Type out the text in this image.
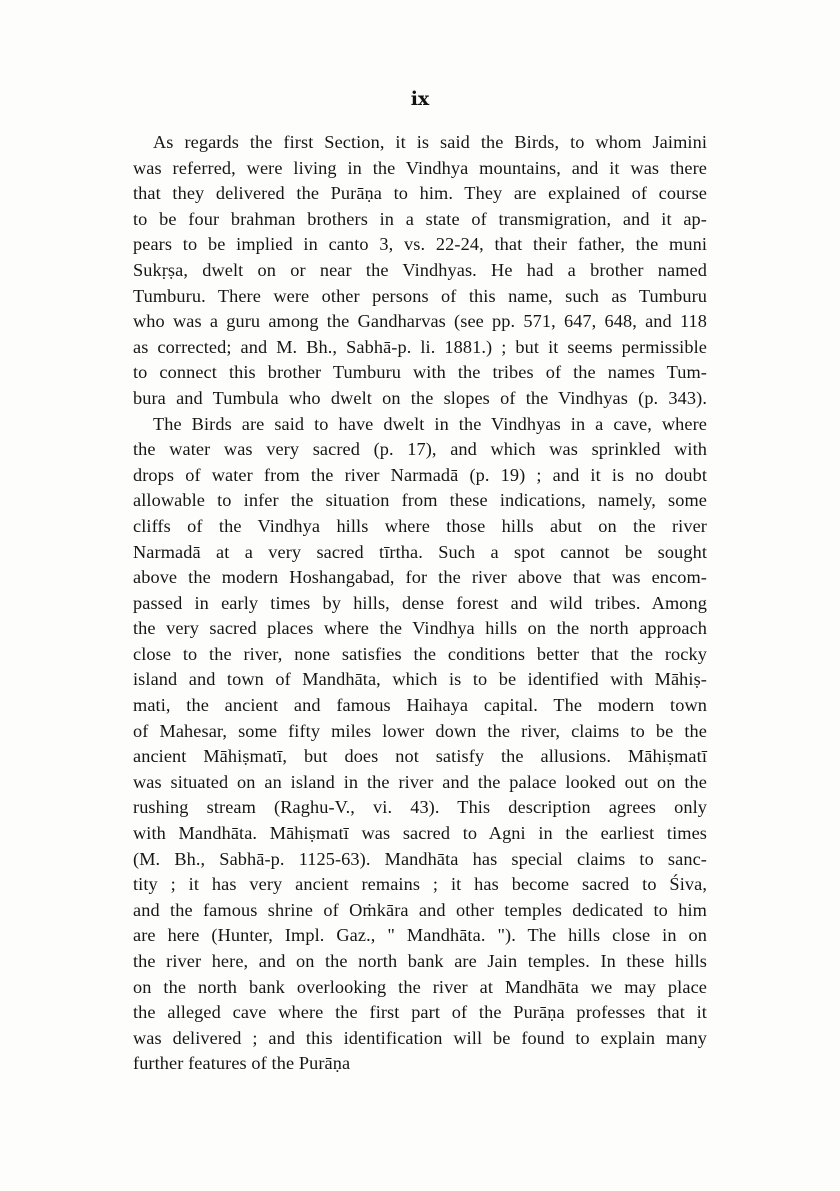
ix
As regards the first Section, it is said the Birds, to whom Jaimini
was referred, were living in the Vindhya mountains, and it was there
that they delivered the Purāṇa to him. They are explained of course
to be four brahman brothers in a state of transmigration, and it ap-
pears to be implied in canto 3, vs. 22-24, that their father, the muni
Sukṛṣa, dwelt on or near the Vindhyas. He had a brother named
Tumburu. There were other persons of this name, such as Tumburu
who was a guru among the Gandharvas (see pp. 571, 647, 648, and 118
as corrected; and M. Bh., Sabhā-p. li. 1881.) ; but it seems permissible
to connect this brother Tumburu with the tribes of the names Tum-
bura and Tumbula who dwelt on the slopes of the Vindhyas (p. 343).
The Birds are said to have dwelt in the Vindhyas in a cave, where
the water was very sacred (p. 17), and which was sprinkled with
drops of water from the river Narmadā (p. 19) ; and it is no doubt
allowable to infer the situation from these indications, namely, some
cliffs of the Vindhya hills where those hills abut on the river
Narmadā at a very sacred tīrtha. Such a spot cannot be sought
above the modern Hoshangabad, for the river above that was encom-
passed in early times by hills, dense forest and wild tribes. Among
the very sacred places where the Vindhya hills on the north approach
close to the river, none satisfies the conditions better that the rocky
island and town of Mandhāta, which is to be identified with Māhiṣ-
mati, the ancient and famous Haihaya capital. The modern town
of Mahesar, some fifty miles lower down the river, claims to be the
ancient Māhiṣmatī, but does not satisfy the allusions. Māhiṣmatī
was situated on an island in the river and the palace looked out on the
rushing stream (Raghu-V., vi. 43). This description agrees only
with Mandhāta. Māhiṣmatī was sacred to Agni in the earliest times
(M. Bh., Sabhā-p. 1125-63). Mandhāta has special claims to sanc-
tity ; it has very ancient remains ; it has become sacred to Śiva,
and the famous shrine of Oṁkāra and other temples dedicated to him
are here (Hunter, Impl. Gaz., " Mandhāta. "). The hills close in on
the river here, and on the north bank are Jain temples. In these hills
on the north bank overlooking the river at Mandhāta we may place
the alleged cave where the first part of the Purāṇa professes that it
was delivered ; and this identification will be found to explain many
further features of the Purāṇa
